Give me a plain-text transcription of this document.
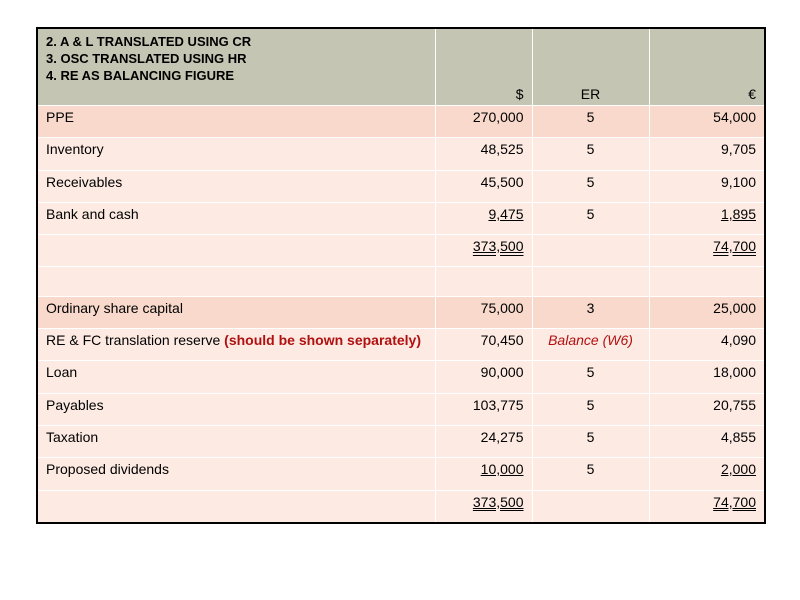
2. A & L TRANSLATED USING CR
3. OSC TRANSLATED USING HR
4. RE AS BALANCING FIGURE	$	ER	€
PPE	270,000	5	54,000
Inventory	48,525	5	9,705
Receivables	45,500	5	9,100
Bank and cash	9,475	5	1,895
	373,500		74,700

Ordinary share capital	75,000	3	25,000
RE & FC translation reserve (should be shown separately)	70,450	Balance (W6)	4,090
Loan	90,000	5	18,000
Payables	103,775	5	20,755
Taxation	24,275	5	4,855
Proposed dividends	10,000	5	2,000
	373,500		74,700
